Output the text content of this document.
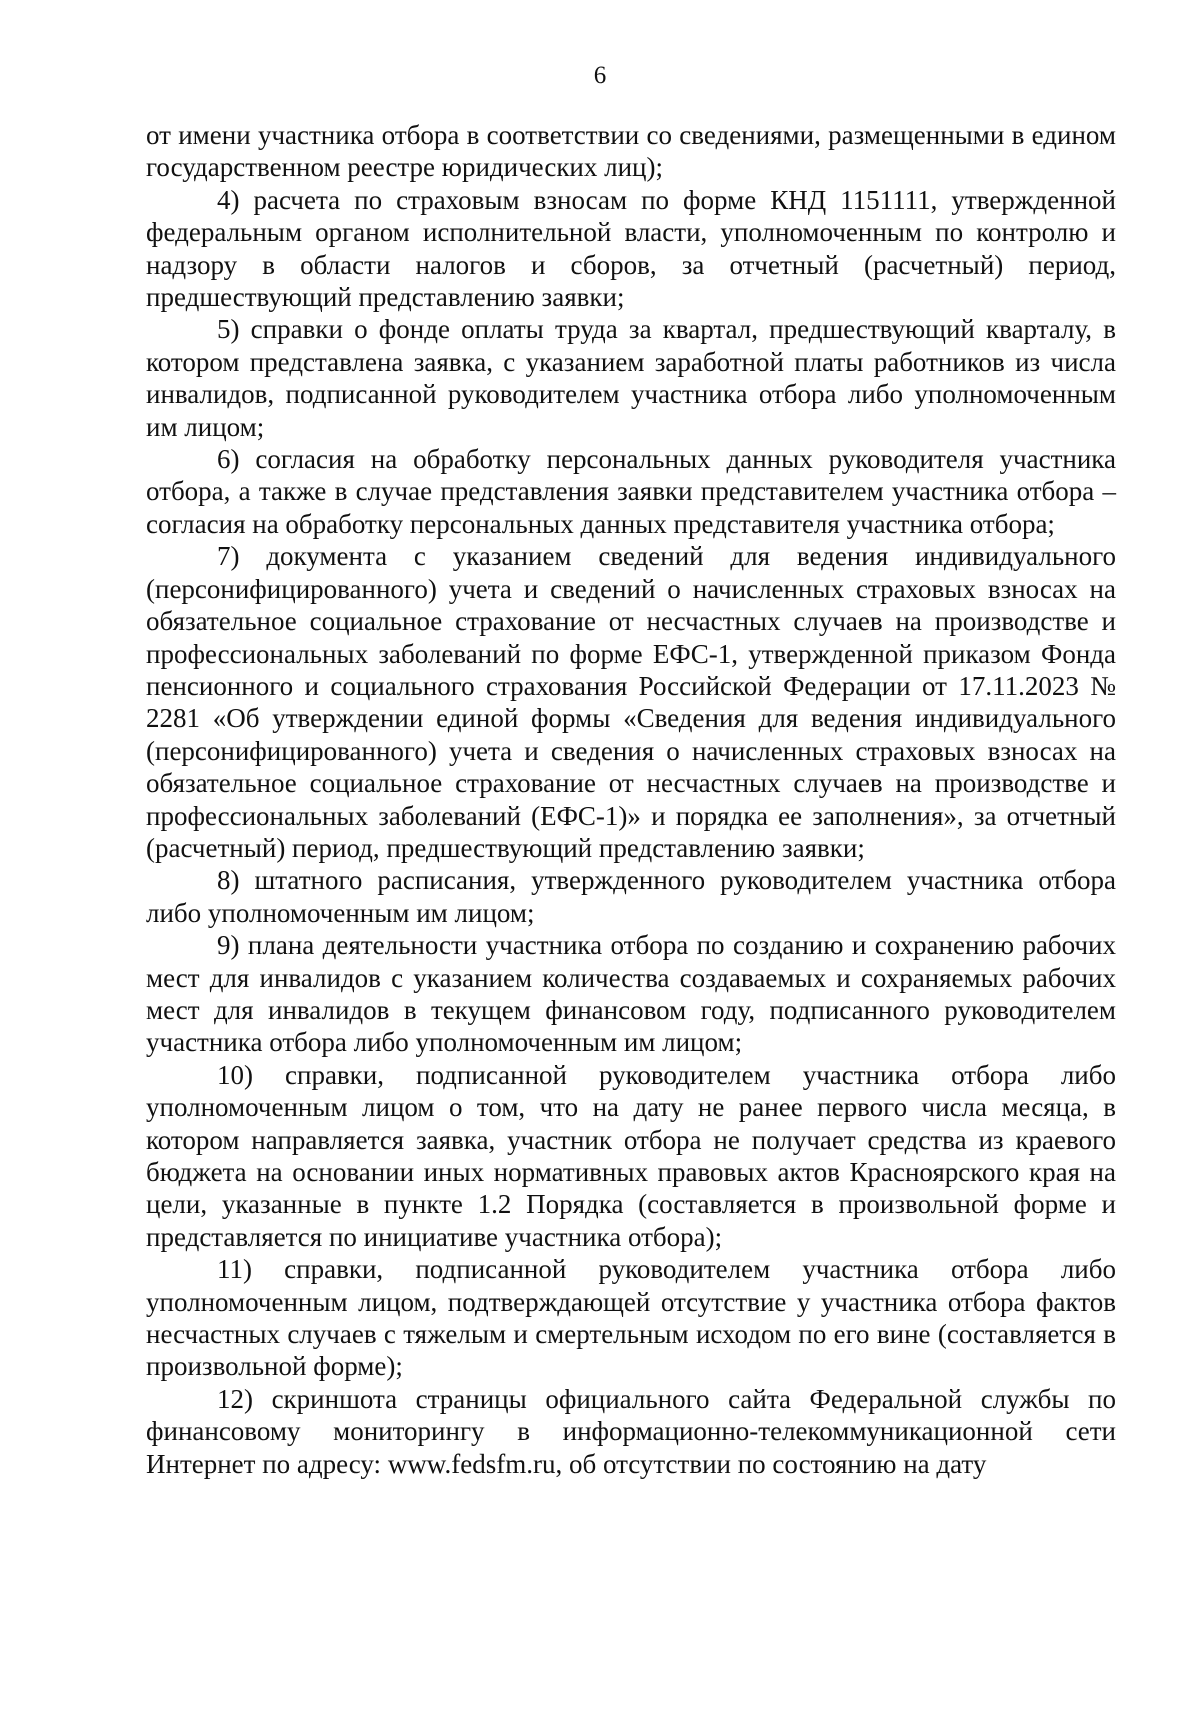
6

от имени участника отбора в соответствии со сведениями, размещенными в едином государственном реестре юридических лиц);

4) расчета по страховым взносам по форме КНД 1151111, утвержденной федеральным органом исполнительной власти, уполномоченным по контролю и надзору в области налогов и сборов, за отчетный (расчетный) период, предшествующий представлению заявки;

5) справки о фонде оплаты труда за квартал, предшествующий кварталу, в котором представлена заявка, с указанием заработной платы работников из числа инвалидов, подписанной руководителем участника отбора либо уполномоченным им лицом;

6) согласия на обработку персональных данных руководителя участника отбора, а также в случае представления заявки представителем участника отбора – согласия на обработку персональных данных представителя участника отбора;

7) документа с указанием сведений для ведения индивидуального (персонифицированного) учета и сведений о начисленных страховых взносах на обязательное социальное страхование от несчастных случаев на производстве и профессиональных заболеваний по форме ЕФС-1, утвержденной приказом Фонда пенсионного и социального страхования Российской Федерации от 17.11.2023 № 2281 «Об утверждении единой формы «Сведения для ведения индивидуального (персонифицированного) учета и сведения о начисленных страховых взносах на обязательное социальное страхование от несчастных случаев на производстве и профессиональных заболеваний (ЕФС-1)» и порядка ее заполнения», за отчетный (расчетный) период, предшествующий представлению заявки;

8) штатного расписания, утвержденного руководителем участника отбора либо уполномоченным им лицом;

9) плана деятельности участника отбора по созданию и сохранению рабочих мест для инвалидов с указанием количества создаваемых и сохраняемых рабочих мест для инвалидов в текущем финансовом году, подписанного руководителем участника отбора либо уполномоченным им лицом;

10) справки, подписанной руководителем участника отбора либо уполномоченным лицом о том, что на дату не ранее первого числа месяца, в котором направляется заявка, участник отбора не получает средства из краевого бюджета на основании иных нормативных правовых актов Красноярского края на цели, указанные в пункте 1.2 Порядка (составляется в произвольной форме и представляется по инициативе участника отбора);

11) справки, подписанной руководителем участника отбора либо уполномоченным лицом, подтверждающей отсутствие у участника отбора фактов несчастных случаев с тяжелым и смертельным исходом по его вине (составляется в произвольной форме);

12) скриншота страницы официального сайта Федеральной службы по финансовому мониторингу в информационно-телекоммуникационной сети Интернет по адресу: www.fedsfm.ru, об отсутствии по состоянию на дату
